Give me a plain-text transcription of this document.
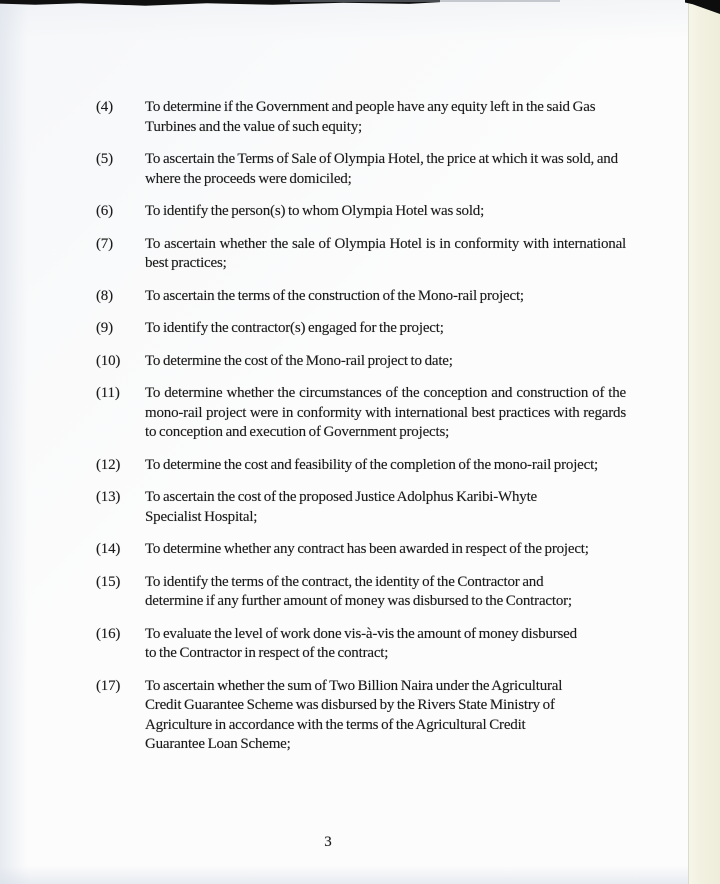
(4)	To determine if the Government and people have any equity left in the said Gas Turbines and the value of such equity;
(5)	To ascertain the Terms of Sale of Olympia Hotel, the price at which it was sold, and where the proceeds were domiciled;
(6)	To identify the person(s) to whom Olympia Hotel was sold;
(7)	To ascertain whether the sale of Olympia Hotel is in conformity with international best practices;
(8)	To ascertain the terms of the construction of the Mono-rail project;
(9)	To identify the contractor(s) engaged for the project;
(10)	To determine the cost of the Mono-rail project to date;
(11)	To determine whether the circumstances of the conception and construction of the mono-rail project were in conformity with international best practices with regards to conception and execution of Government projects;
(12)	To determine the cost and feasibility of the completion of the mono-rail project;
(13)	To ascertain the cost of the proposed Justice Adolphus Karibi-Whyte Specialist Hospital;
(14)	To determine whether any contract has been awarded in respect of the project;
(15)	To identify the terms of the contract, the identity of the Contractor and determine if any further amount of money was disbursed to the Contractor;
(16)	To evaluate the level of work done vis-à-vis the amount of money disbursed to the Contractor in respect of the contract;
(17)	To ascertain whether the sum of Two Billion Naira under the Agricultural Credit Guarantee Scheme was disbursed by the Rivers State Ministry of Agriculture in accordance with the terms of the Agricultural Credit Guarantee Loan Scheme;
3
